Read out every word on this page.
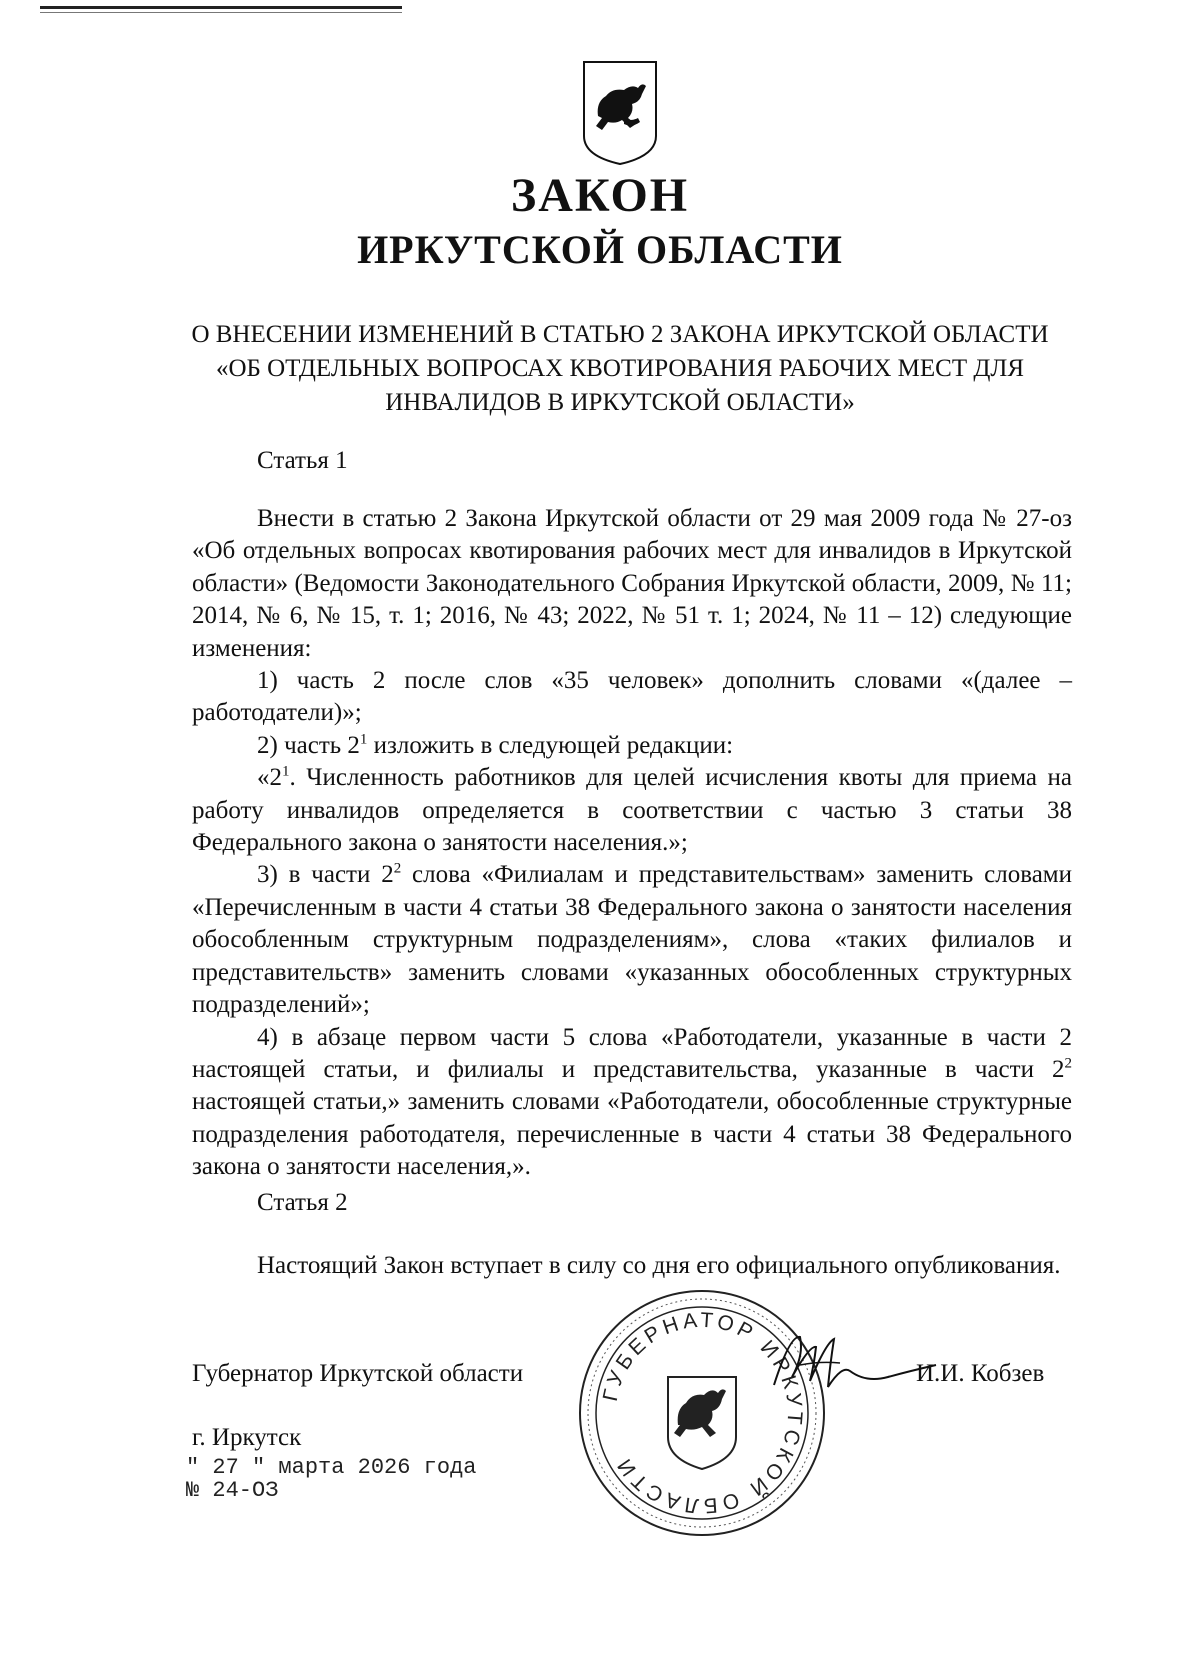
ЗАКОН
ИРКУТСКОЙ ОБЛАСТИ
О ВНЕСЕНИИ ИЗМЕНЕНИЙ В СТАТЬЮ 2 ЗАКОНА ИРКУТСКОЙ ОБЛАСТИ «ОБ ОТДЕЛЬНЫХ ВОПРОСАХ КВОТИРОВАНИЯ РАБОЧИХ МЕСТ ДЛЯ ИНВАЛИДОВ В ИРКУТСКОЙ ОБЛАСТИ»
Статья 1

Внести в статью 2 Закона Иркутской области от 29 мая 2009 года № 27-оз «Об отдельных вопросах квотирования рабочих мест для инвалидов в Иркутской области» (Ведомости Законодательного Собрания Иркутской области, 2009, № 11; 2014, № 6, № 15, т. 1; 2016, № 43; 2022, № 51 т. 1; 2024, № 11 – 12) следующие изменения:

1) часть 2 после слов «35 человек» дополнить словами «(далее – работодатели)»;

2) часть $2^1$ изложить в следующей редакции:

«$2^1$. Численность работников для целей исчисления квоты для приема на работу инвалидов определяется в соответствии с частью 3 статьи 38 Федерального закона о занятости населения.»;

3) в части $2^2$ слова «Филиалам и представительствам» заменить словами «Перечисленным в части 4 статьи 38 Федерального закона о занятости населения обособленным структурным подразделениям», слова «таких филиалов и представительств» заменить словами «указанных обособленных структурных подразделений»;

4) в абзаце первом части 5 слова «Работодатели, указанные в части 2 настоящей статьи, и филиалы и представительства, указанные в части $2^2$ настоящей статьи,» заменить словами «Работодатели, обособленные структурные подразделения работодателя, перечисленные в части 4 статьи 38 Федерального закона о занятости населения,».

Статья 2

Настоящий Закон вступает в силу со дня его официального опубликования.

ГУБЕРНАТОР ИРКУТСКОЙ ОБЛАСТИ
Губернатор Иркутской области	И.И. Кобзев
г. Иркутск
" 27 " марта 2026 года
№ 24-ОЗ
